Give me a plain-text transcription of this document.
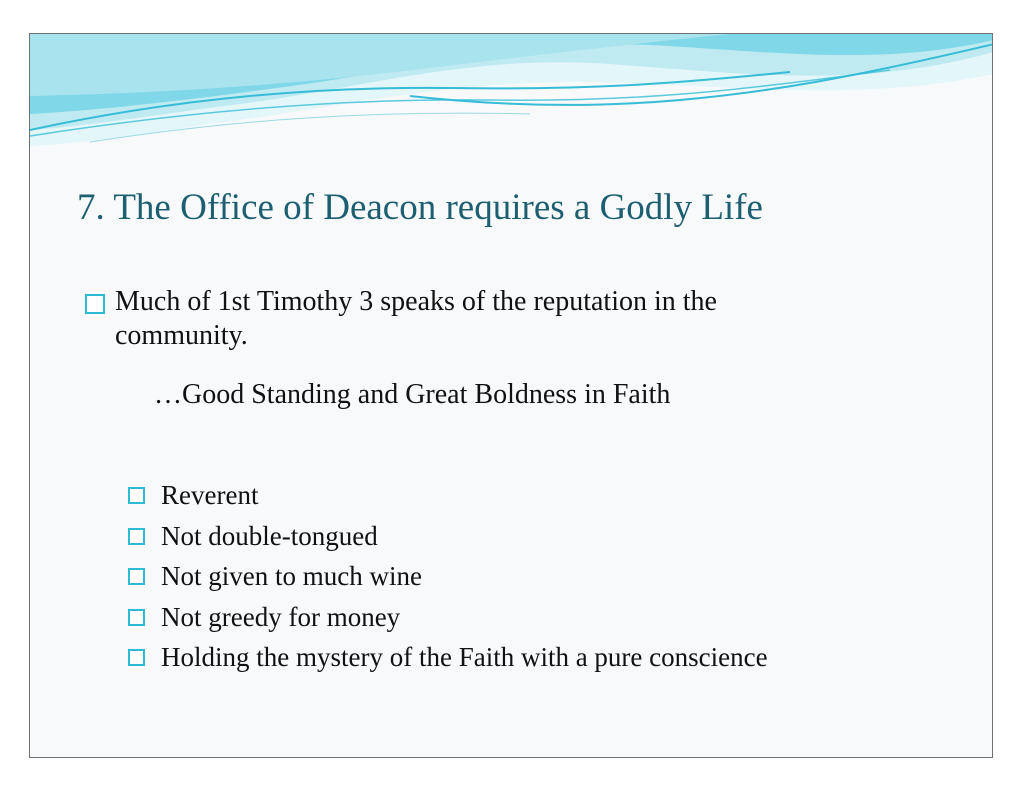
7. The Office of Deacon requires a Godly Life
Much of 1st Timothy 3 speaks of the reputation in the
community.
…Good Standing and Great Boldness in Faith
Reverent
Not double-tongued
Not given to much wine
Not greedy for money
Holding the mystery of the Faith with a pure conscience
